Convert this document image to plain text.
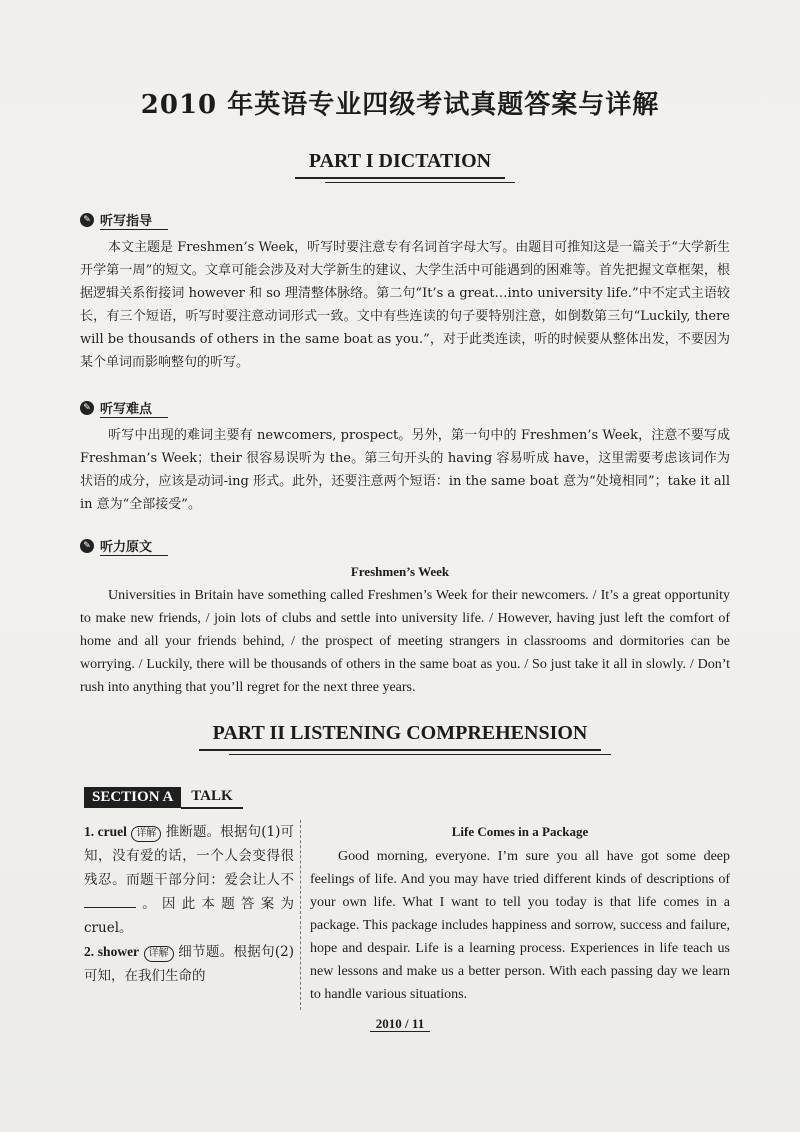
2010 年英语专业四级考试真题答案与详解
PART I DICTATION
✎ 听写指导
本文主题是 Freshmen’s Week，听写时要注意专有名词首字母大写。由题目可推知这是一篇关于“大学新生开学第一周”的短文。文章可能会涉及对大学新生的建议、大学生活中可能遇到的困难等。首先把握文章框架，根据逻辑关系衔接词 however 和 so 理清整体脉络。第二句“It’s a great…into university life.”中不定式主语较长，有三个短语，听写时要注意动词形式一致。文中有些连读的句子要特别注意，如倒数第三句“Luckily, there will be thousands of others in the same boat as you.”，对于此类连读，听的时候要从整体出发，不要因为某个单词而影响整句的听写。
✎ 听写难点
听写中出现的难词主要有 newcomers, prospect。另外，第一句中的 Freshmen’s Week，注意不要写成 Freshman’s Week；their 很容易误听为 the。第三句开头的 having 容易听成 have，这里需要考虑该词作为状语的成分，应该是动词-ing 形式。此外，还要注意两个短语：in the same boat 意为“处境相同”；take it all in 意为“全部接受”。
✎ 听力原文
Freshmen’s Week
Universities in Britain have something called Freshmen’s Week for their newcomers. / It’s a great opportunity to make new friends, / join lots of clubs and settle into university life. / However, having just left the comfort of home and all your friends behind, / the prospect of meeting strangers in classrooms and dormitories can be worrying. / Luckily, there will be thousands of others in the same boat as you. / So just take it all in slowly. / Don’t rush into anything that you’ll regret for the next three years.
PART II LISTENING COMPREHENSION
SECTION A	TALK
1. cruel 详解 推断题。根据句(1)可知，没有爱的话，一个人会变得很残忍。而题干部分问：爱会让人不 。因此本题答案为 cruel。
2. shower 详解 细节题。根据句(2)可知，在我们生命的
Life Comes in a Package
Good morning, everyone. I’m sure you all have got some deep feelings of life. And you may have tried different kinds of descriptions of your own life. What I want to tell you today is that life comes in a package. This package includes happiness and sorrow, success and failure, hope and despair. Life is a learning process. Experiences in life teach us new lessons and make us a better person. With each passing day we learn to handle various situations.
2010 / 11
